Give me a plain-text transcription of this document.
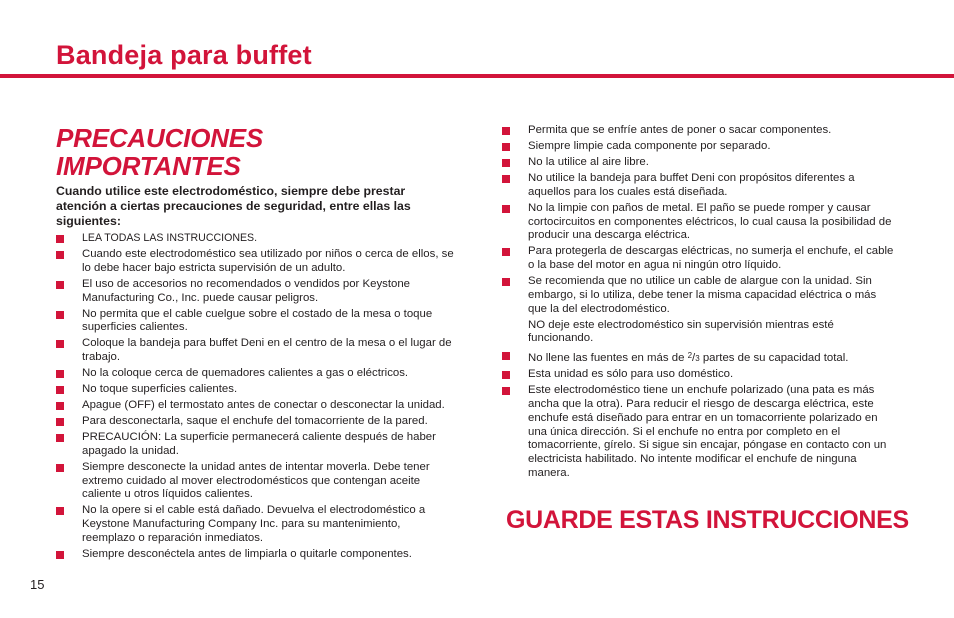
Bandeja para buffet
PRECAUCIONES IMPORTANTES

Cuando utilice este electrodoméstico, siempre debe prestar atención a ciertas precauciones de seguridad, entre ellas las siguientes:

LEA TODAS LAS INSTRUCCIONES.
Cuando este electrodoméstico sea utilizado por niños o cerca de ellos, se lo debe hacer bajo estricta supervisión de un adulto.
El uso de accesorios no recomendados o vendidos por Keystone Manufacturing Co., Inc. puede causar peligros.
No permita que el cable cuelgue sobre el costado de la mesa o toque superficies calientes.
Coloque la bandeja para buffet Deni en el centro de la mesa o el lugar de trabajo.
No la coloque cerca de quemadores calientes a gas o eléctricos.
No toque superficies calientes.
Apague (OFF) el termostato antes de conectar o desconectar la unidad.
Para desconectarla, saque el enchufe del tomacorriente de la pared.
PRECAUCIÓN: La superficie permanecerá caliente después de haber apagado la unidad.
Siempre desconecte la unidad antes de intentar moverla. Debe tener extremo cuidado al mover electrodomésticos que contengan aceite caliente u otros líquidos calientes.
No la opere si el cable está dañado. Devuelva el electrodoméstico a Keystone Manufacturing Company Inc. para su mantenimiento, reemplazo o reparación inmediatos.
Siempre desconéctela antes de limpiarla o quitarle componentes.
Permita que se enfríe antes de poner o sacar componentes.
Siempre limpie cada componente por separado.
No la utilice al aire libre.
No utilice la bandeja para buffet Deni con propósitos diferentes a aquellos para los cuales está diseñada.
No la limpie con paños de metal. El paño se puede romper y causar cortocircuitos en componentes eléctricos, lo cual causa la posibilidad de producir una descarga eléctrica.
Para protegerla de descargas eléctricas, no sumerja el enchufe, el cable o la base del motor en agua ni ningún otro líquido.
Se recomienda que no utilice un cable de alargue con la unidad. Sin embargo, si lo utiliza, debe tener la misma capacidad eléctrica o más que la del electrodoméstico.

NO deje este electrodoméstico sin supervisión mientras esté funcionando.

No llene las fuentes en más de $^2$/3 partes de su capacidad total.
Esta unidad es sólo para uso doméstico.
Este electrodoméstico tiene un enchufe polarizado (una pata es más ancha que la otra). Para reducir el riesgo de descarga eléctrica, este enchufe está diseñado para entrar en un tomacorriente polarizado en una única dirección. Si el enchufe no entra por completo en el tomacorriente, gírelo. Si sigue sin encajar, póngase en contacto con un electricista habilitado. No intente modificar el enchufe de ninguna manera.
GUARDE ESTAS INSTRUCCIONES
15
